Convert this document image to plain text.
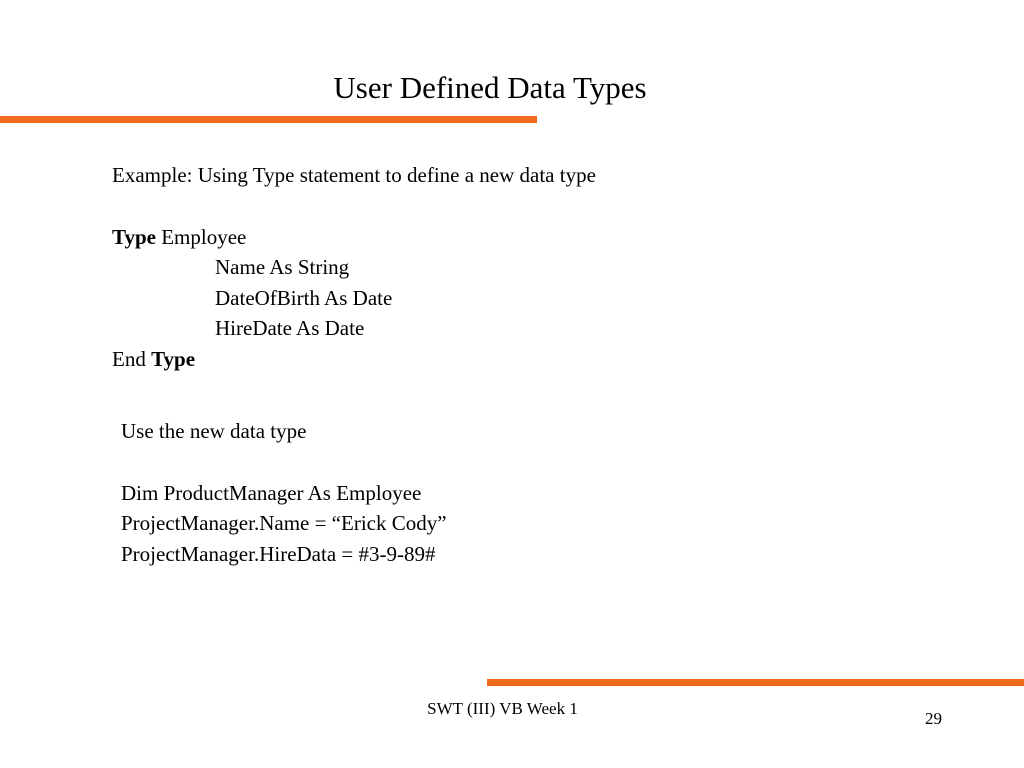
User Defined Data Types
Example: Using Type statement to define a new data type
Type Employee
Name As String
DateOfBirth As Date
HireDate As Date
End Type
Use the new data type
Dim ProductManager As Employee
ProjectManager.Name = “Erick Cody”
ProjectManager.HireData = #3-9-89#
SWT (III) VB Week 1
29
